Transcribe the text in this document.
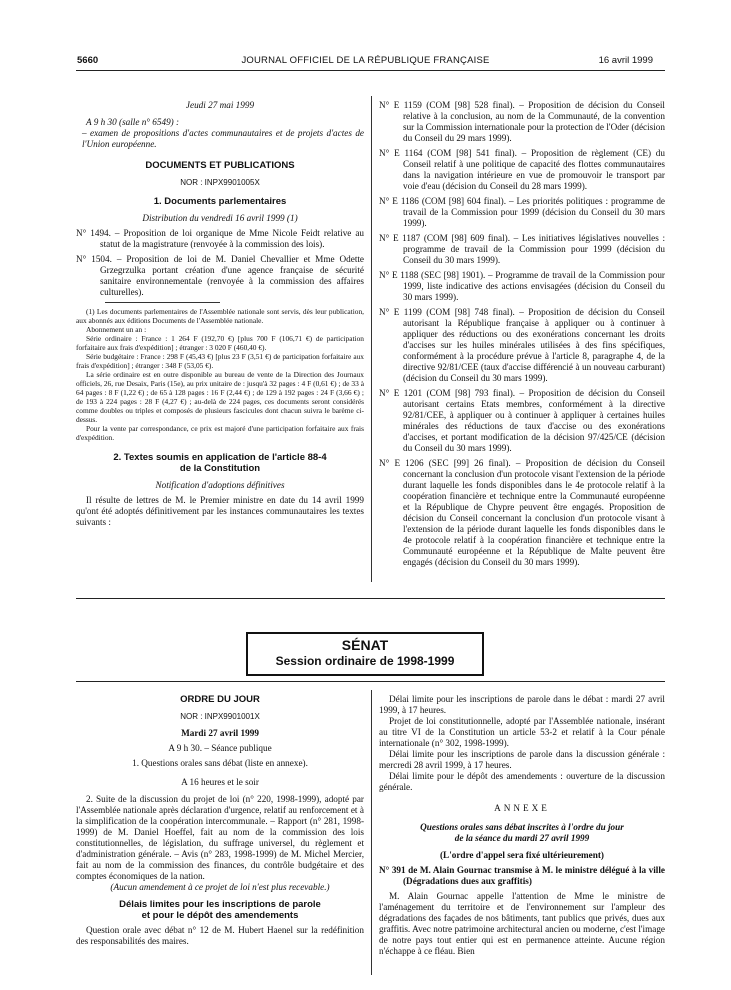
5660	JOURNAL OFFICIEL DE LA RÉPUBLIQUE FRANÇAISE	16 avril 1999

Jeudi 27 mai 1999

A 9 h 30 (salle n° 6549) :

– examen de propositions d'actes communautaires et de projets d'actes de l'Union européenne.

DOCUMENTS ET PUBLICATIONS

NOR : INPX9901005X

1. Documents parlementaires

Distribution du vendredi 16 avril 1999 (1)

N° 1494. – Proposition de loi organique de Mme Nicole Feidt relative au statut de la magistrature (renvoyée à la commission des lois).
N° 1504. – Proposition de loi de M. Daniel Chevallier et Mme Odette Grzegrzulka portant création d'une agence française de sécurité sanitaire environnementale (renvoyée à la commission des affaires culturelles).

(1) Les documents parlementaires de l'Assemblée nationale sont servis, dès leur publication, aux abonnés aux éditions Documents de l'Assemblée nationale.

Abonnement un an :

Série ordinaire : France : 1 264 F (192,70 €) [plus 700 F (106,71 €) de participation forfaitaire aux frais d'expédition] ; étranger : 3 020 F (460,40 €).

Série budgétaire : France : 298 F (45,43 €) [plus 23 F (3,51 €) de participation forfaitaire aux frais d'expédition] ; étranger : 348 F (53,05 €).

La série ordinaire est en outre disponible au bureau de vente de la Direction des Journaux officiels, 26, rue Desaix, Paris (15e), au prix unitaire de : jusqu'à 32 pages : 4 F (0,61 €) ; de 33 à 64 pages : 8 F (1,22 €) ; de 65 à 128 pages : 16 F (2,44 €) ; de 129 à 192 pages : 24 F (3,66 €) ; de 193 à 224 pages : 28 F (4,27 €) ; au-delà de 224 pages, ces documents seront considérés comme doubles ou triples et composés de plusieurs fascicules dont chacun suivra le barème ci-dessus.

Pour la vente par correspondance, ce prix est majoré d'une participation forfaitaire aux frais d'expédition.

2. Textes soumis en application de l'article 88-4

de la Constitution

Notification d'adoptions définitives

Il résulte de lettres de M. le Premier ministre en date du 14 avril 1999 qu'ont été adoptés définitivement par les instances communautaires les textes suivants :

N° E 1159 (COM [98] 528 final). – Proposition de décision du Conseil relative à la conclusion, au nom de la Communauté, de la convention sur la Commission internationale pour la protection de l'Oder (décision du Conseil du 29 mars 1999).
N° E 1164 (COM [98] 541 final). – Proposition de règlement (CE) du Conseil relatif à une politique de capacité des flottes communautaires dans la navigation intérieure en vue de promouvoir le transport par voie d'eau (décision du Conseil du 28 mars 1999).
N° E 1186 (COM [98] 604 final). – Les priorités politiques : programme de travail de la Commission pour 1999 (décision du Conseil du 30 mars 1999).
N° E 1187 (COM [98] 609 final). – Les initiatives législatives nouvelles : programme de travail de la Commission pour 1999 (décision du Conseil du 30 mars 1999).
N° E 1188 (SEC [98] 1901). – Programme de travail de la Commission pour 1999, liste indicative des actions envisagées (décision du Conseil du 30 mars 1999).
N° E 1199 (COM [98] 748 final). – Proposition de décision du Conseil autorisant la République française à appliquer ou à continuer à appliquer des réductions ou des exonérations concernant les droits d'accises sur les huiles minérales utilisées à des fins spécifiques, conformément à la procédure prévue à l'article 8, paragraphe 4, de la directive 92/81/CEE (taux d'accise différencié à un nouveau carburant) (décision du Conseil du 30 mars 1999).
N° E 1201 (COM [98] 793 final). – Proposition de décision du Conseil autorisant certains Etats membres, conformément à la directive 92/81/CEE, à appliquer ou à continuer à appliquer à certaines huiles minérales des réductions de taux d'accise ou des exonérations d'accises, et portant modification de la décision 97/425/CE (décision du Conseil du 30 mars 1999).
N° E 1206 (SEC [99] 26 final). – Proposition de décision du Conseil concernant la conclusion d'un protocole visant l'extension de la période durant laquelle les fonds disponibles dans le 4e protocole relatif à la coopération financière et technique entre la Communauté européenne et la République de Chypre peuvent être engagés. Proposition de décision du Conseil concernant la conclusion d'un protocole visant à l'extension de la période durant laquelle les fonds disponibles dans le 4e protocole relatif à la coopération financière et technique entre la Communauté européenne et la République de Malte peuvent être engagés (décision du Conseil du 30 mars 1999).
SÉNAT
Session ordinaire de 1998-1999

ORDRE DU JOUR

NOR : INPX9901001X

Mardi 27 avril 1999

A 9 h 30. – Séance publique

1. Questions orales sans débat (liste en annexe).

A 16 heures et le soir

2. Suite de la discussion du projet de loi (n° 220, 1998-1999), adopté par l'Assemblée nationale après déclaration d'urgence, relatif au renforcement et à la simplification de la coopération intercommunale. – Rapport (n° 281, 1998-1999) de M. Daniel Hoeffel, fait au nom de la commission des lois constitutionnelles, de législation, du suffrage universel, du règlement et d'administration générale. – Avis (n° 283, 1998-1999) de M. Michel Mercier, fait au nom de la commission des finances, du contrôle budgétaire et des comptes économiques de la nation.

(Aucun amendement à ce projet de loi n'est plus recevable.)

Délais limites pour les inscriptions de parole

et pour le dépôt des amendements

Question orale avec débat n° 12 de M. Hubert Haenel sur la redéfinition des responsabilités des maires.

Délai limite pour les inscriptions de parole dans le débat : mardi 27 avril 1999, à 17 heures.

Projet de loi constitutionnelle, adopté par l'Assemblée nationale, insérant au titre VI de la Constitution un article 53-2 et relatif à la Cour pénale internationale (n° 302, 1998-1999).

Délai limite pour les inscriptions de parole dans la discussion générale : mercredi 28 avril 1999, à 17 heures.

Délai limite pour le dépôt des amendements : ouverture de la discussion générale.

ANNEXE

Questions orales sans débat inscrites à l'ordre du jour

de la séance du mardi 27 avril 1999

(L'ordre d'appel sera fixé ultérieurement)

N° 391 de M. Alain Gournac transmise à M. le ministre délégué à la ville (Dégradations dues aux graffitis)

M. Alain Gournac appelle l'attention de Mme le ministre de l'aménagement du territoire et de l'environnement sur l'ampleur des dégradations des façades de nos bâtiments, tant publics que privés, dues aux graffitis. Avec notre patrimoine architectural ancien ou moderne, c'est l'image de notre pays tout entier qui est en permanence atteinte. Aucune région n'échappe à ce fléau. Bien
